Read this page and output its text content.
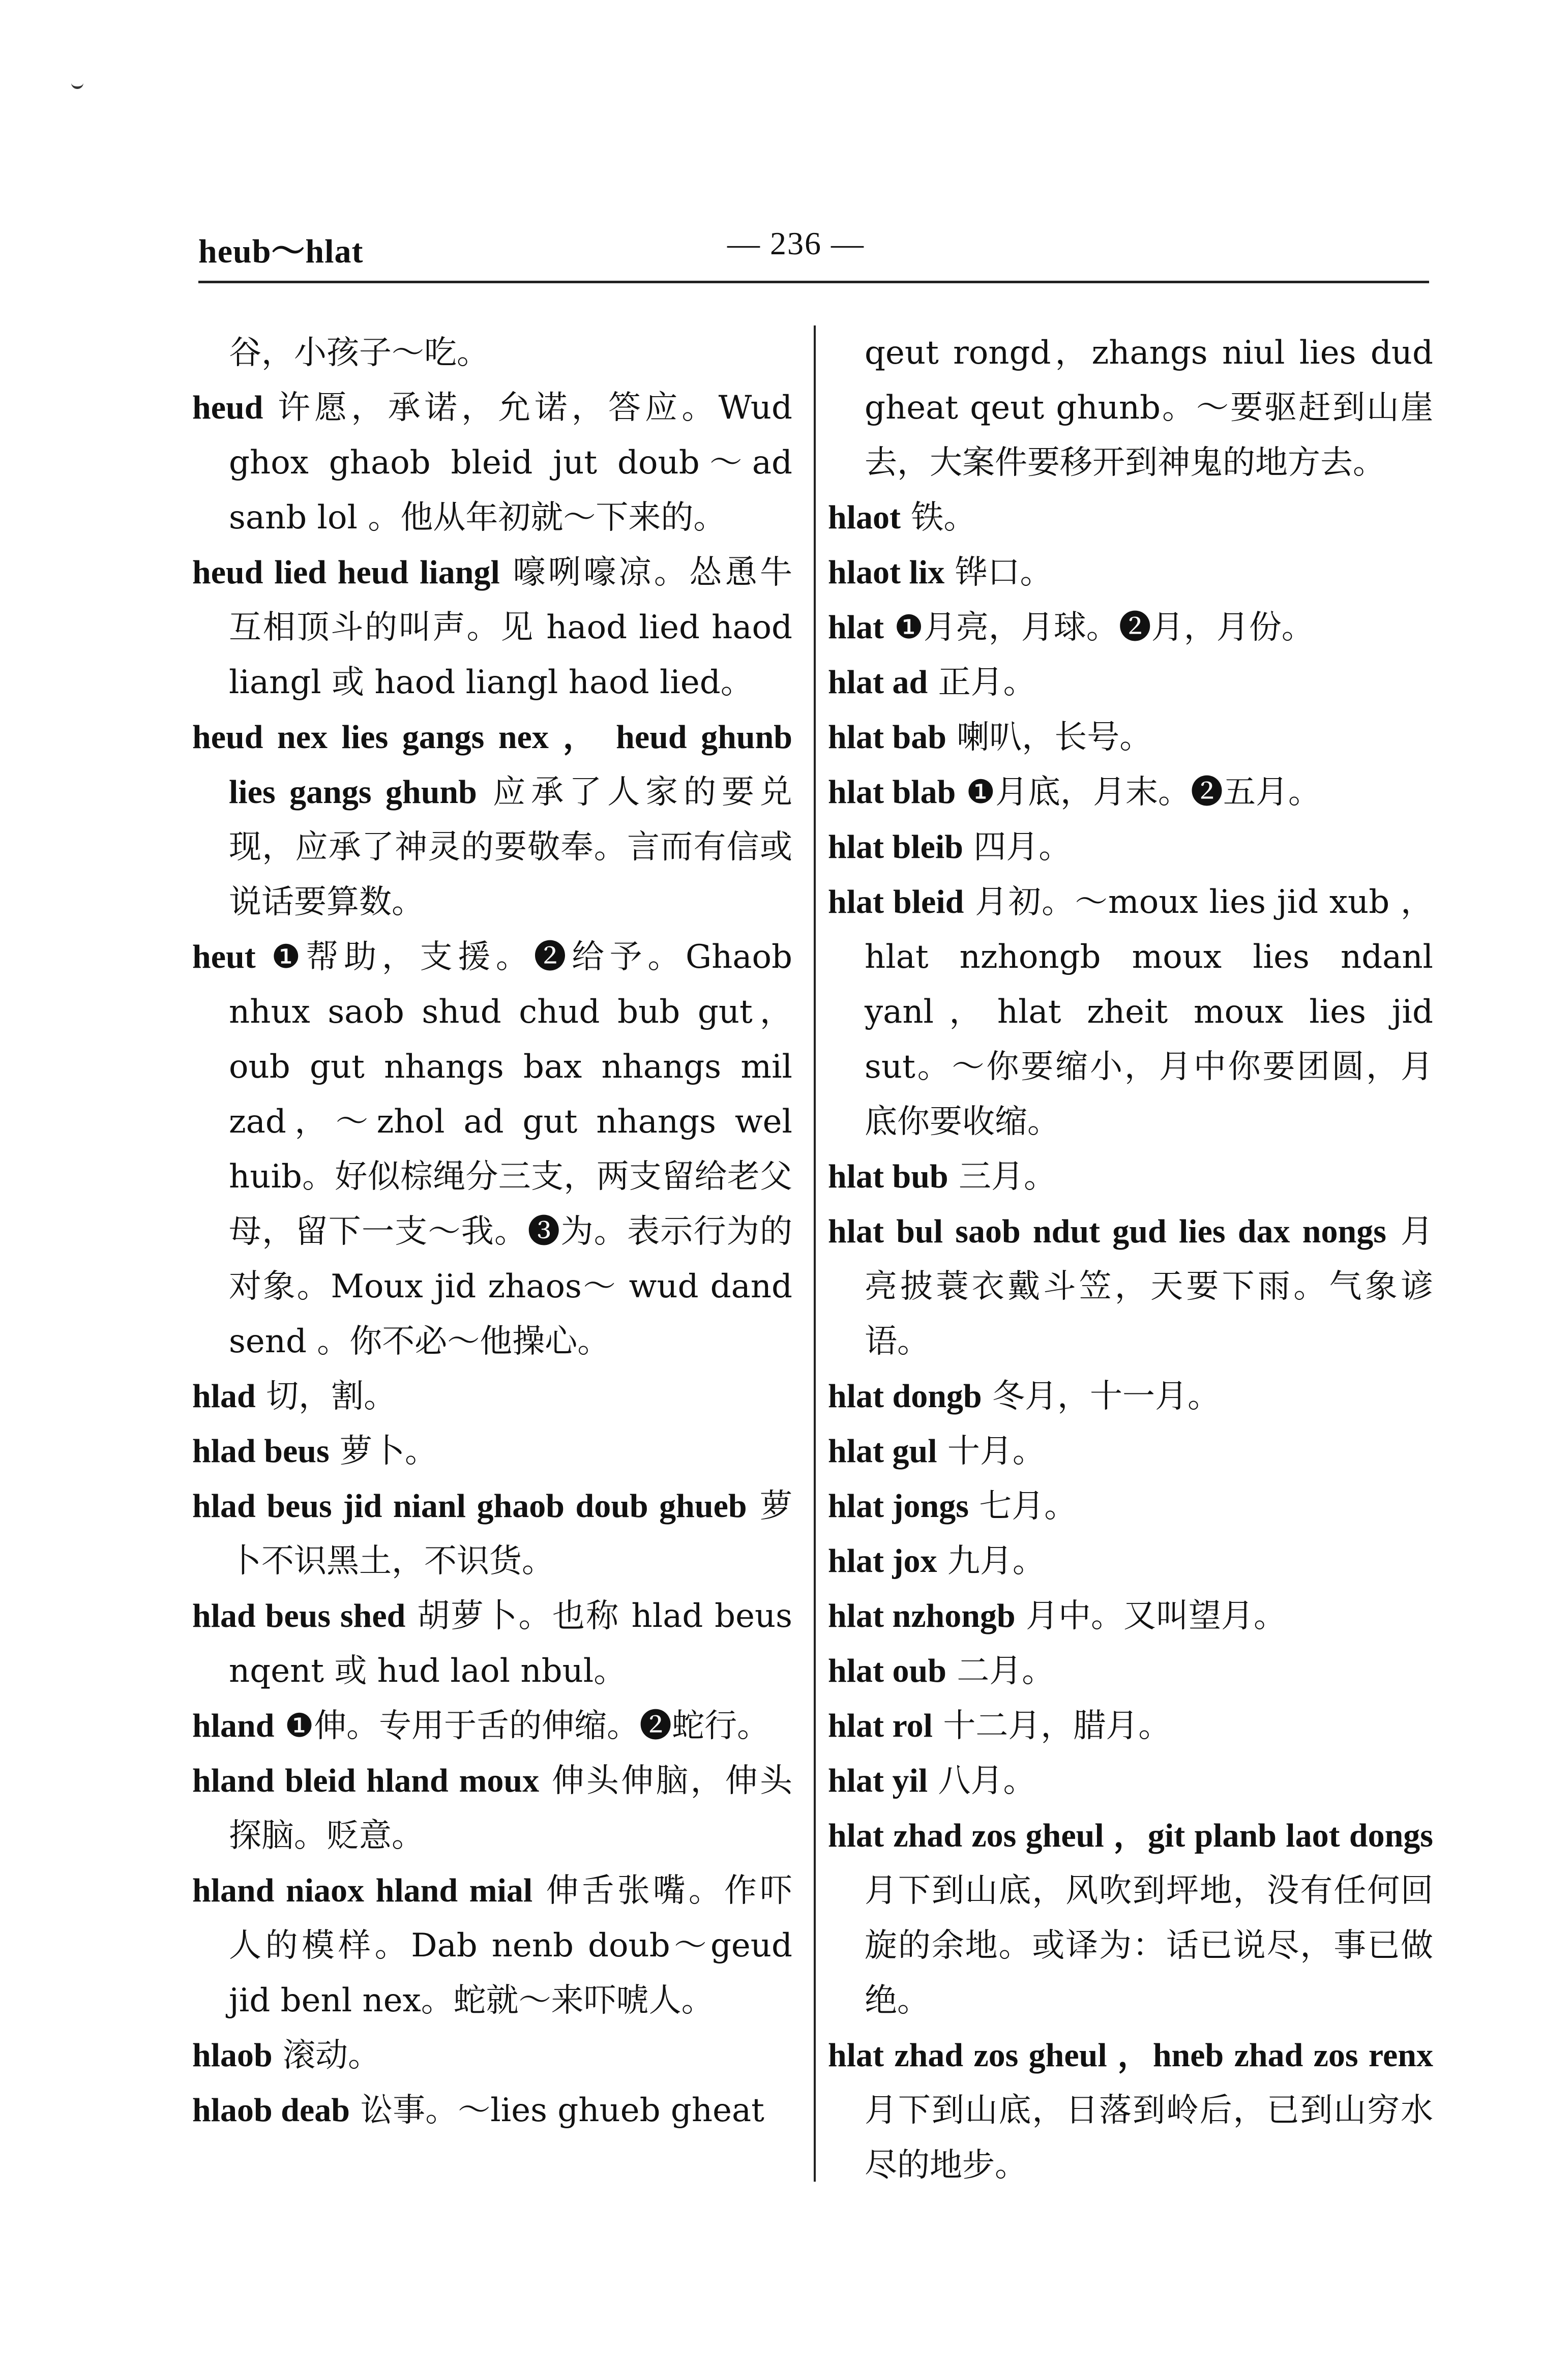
heub～hlat	— 236 —

谷，小孩子～吃。

heud 许愿，承诺，允诺，答应。Wud ghox ghaob bleid jut doub～ad sanb lol 。他从年初就～下来的。

heud lied heud liangl 嚎咧嚎凉。怂恿牛互相顶斗的叫声。见 haod lied haod liangl 或 haod liangl haod lied。

heud nex lies gangs nex ， heud ghunb lies gangs ghunb 应承了人家的要兑现，应承了神灵的要敬奉。言而有信或说话要算数。

heut ❶帮助，支援。❷给予。Ghaob nhux saob shud chud bub gut，oub gut nhangs bax nhangs mil zad，～zhol ad gut nhangs wel huib。好似棕绳分三支，两支留给老父母，留下一支～我。❸为。表示行为的对象。Moux jid zhaos～ wud dand send 。你不必～他操心。

hlad 切，割。

hlad beus 萝卜。

hlad beus jid nianl ghaob doub ghueb 萝卜不识黑土，不识货。

hlad beus shed 胡萝卜。也称 hlad beus nqent 或 hud laol nbul。

hland ❶伸。专用于舌的伸缩。❷蛇行。

hland bleid hland moux 伸头伸脑，伸头探脑。贬意。

hland niaox hland mial 伸舌张嘴。作吓人的模样。Dab nenb doub～geud jid benl nex。蛇就～来吓唬人。

hlaob 滚动。

hlaob deab 讼事。～lies ghueb gheat

qeut rongd，zhangs niul lies dud gheat qeut ghunb。～要驱赶到山崖去，大案件要移开到神鬼的地方去。

hlaot 铁。

hlaot lix 铧口。

hlat ❶月亮，月球。❷月，月份。

hlat ad 正月。

hlat bab 喇叭，长号。

hlat blab ❶月底，月末。❷五月。

hlat bleib 四月。

hlat bleid 月初。～moux lies jid xub ，hlat nzhongb moux lies ndanl yanl，hlat zheit moux lies jid sut。～你要缩小，月中你要团圆，月底你要收缩。

hlat bub 三月。

hlat bul saob ndut gud lies dax nongs 月亮披蓑衣戴斗笠，天要下雨。气象谚语。

hlat dongb 冬月，十一月。

hlat gul 十月。

hlat jongs 七月。

hlat jox 九月。

hlat nzhongb 月中。又叫望月。

hlat oub 二月。

hlat rol 十二月，腊月。

hlat yil 八月。

hlat zhad zos gheul ，git planb laot dongs 月下到山底，风吹到坪地，没有任何回旋的余地。或译为：话已说尽，事已做绝。

hlat zhad zos gheul ，hneb zhad zos renx 月下到山底，日落到岭后，已到山穷水尽的地步。
